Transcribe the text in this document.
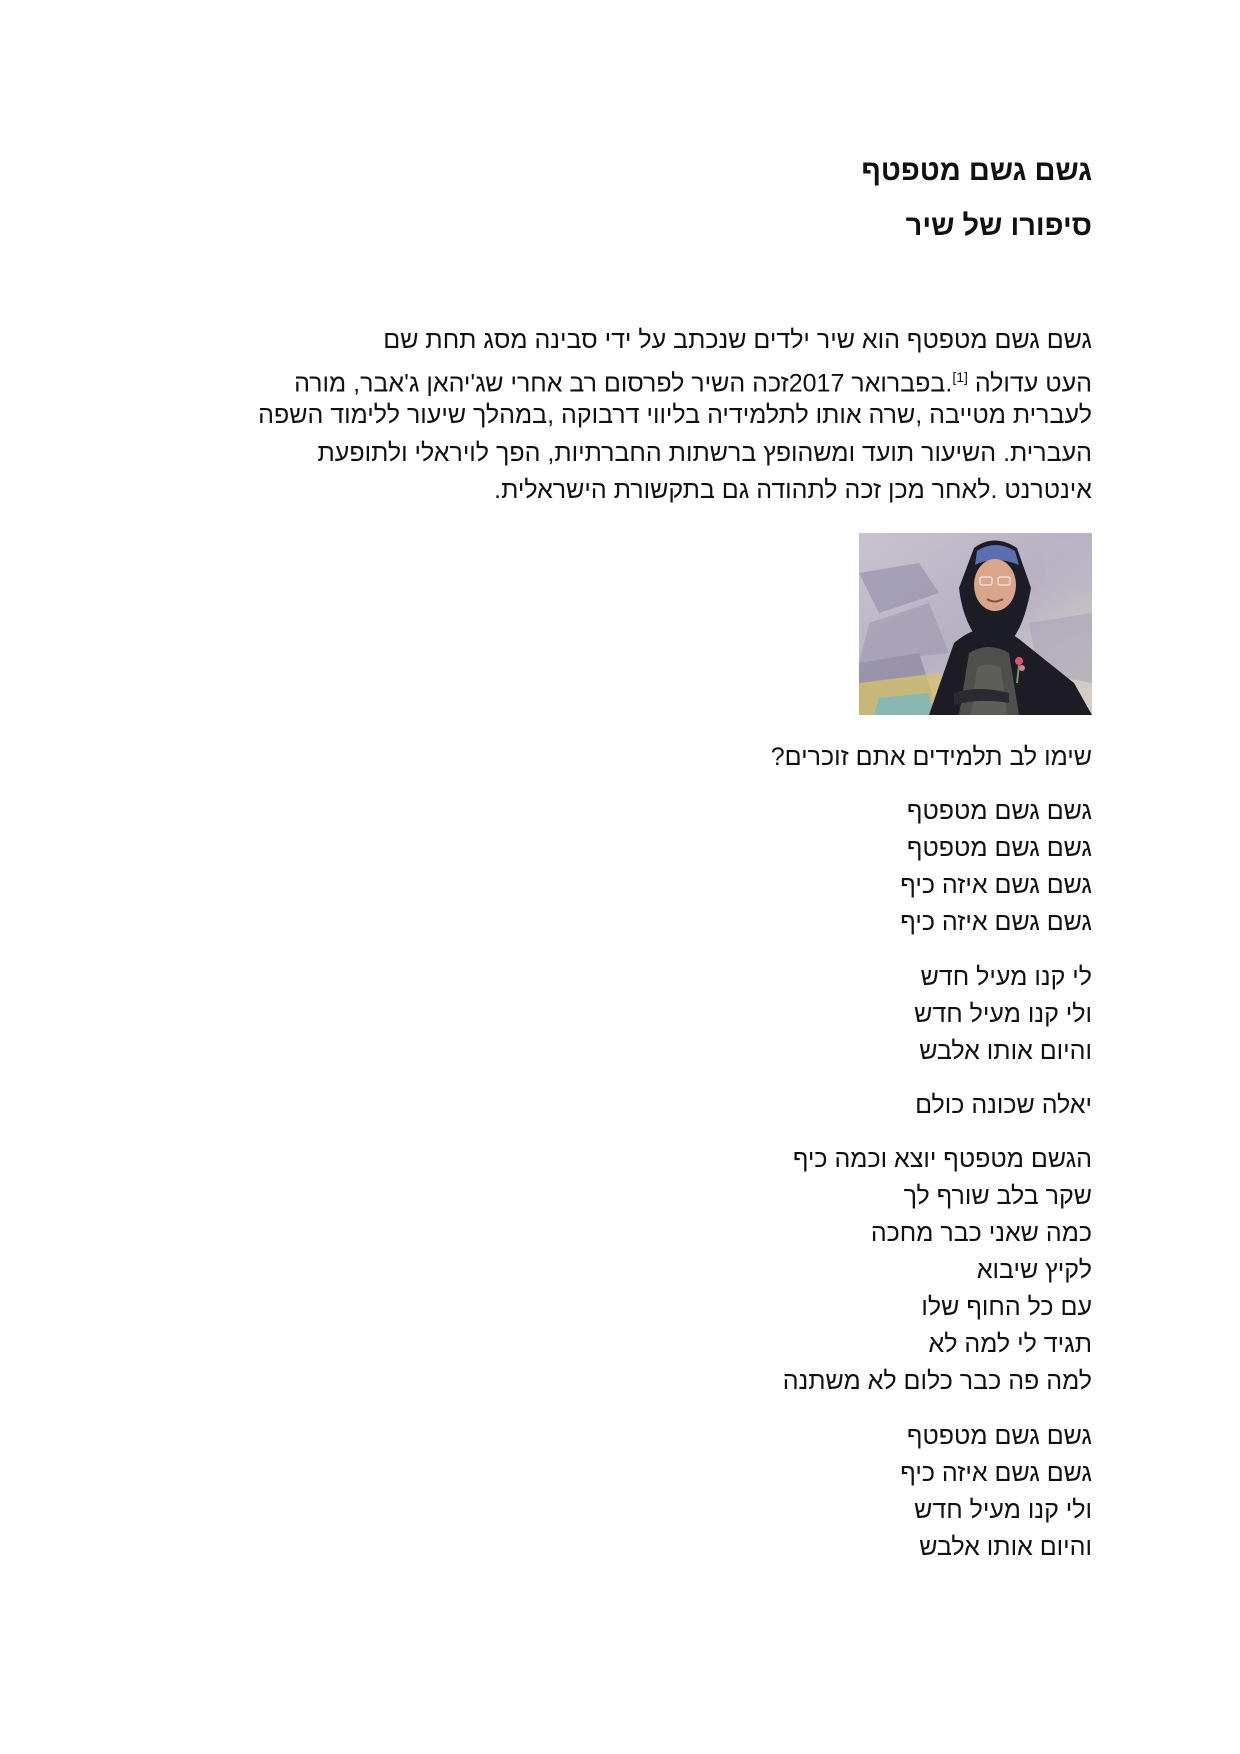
גשם גשם מטפטף
סיפורו של שיר
גשם גשם מטפטף הוא שיר ילדים שנכתב על ידי סבינה מסג תחת שם
העט עדולה [1].בפברואר 2017זכה השיר לפרסום רב אחרי שג'יהאן ג'אבר, מורה
לעברית מטייבה ,שרה אותו לתלמידיה בליווי דרבוקה ,במהלך שיעור ללימוד השפה
העברית. השיעור תועד ומשהופץ ברשתות החברתיות, הפך לויראלי ולתופעת
אינטרנט .לאחר מכן זכה לתהודה גם בתקשורת הישראלית.
שימו לב תלמידים אתם זוכרים?
גשם גשם מטפטף
גשם גשם מטפטף
גשם גשם איזה כיף
גשם גשם איזה כיף
לי קנו מעיל חדש
ולי קנו מעיל חדש
והיום אותו אלבש
יאלה שכונה כולם
הגשם מטפטף יוצא וכמה כיף
שקר בלב שורף לך
כמה שאני כבר מחכה
לקיץ שיבוא
עם כל החוף שלו
תגיד לי למה לא
למה פה כבר כלום לא משתנה
גשם גשם מטפטף
גשם גשם איזה כיף
ולי קנו מעיל חדש
והיום אותו אלבש
